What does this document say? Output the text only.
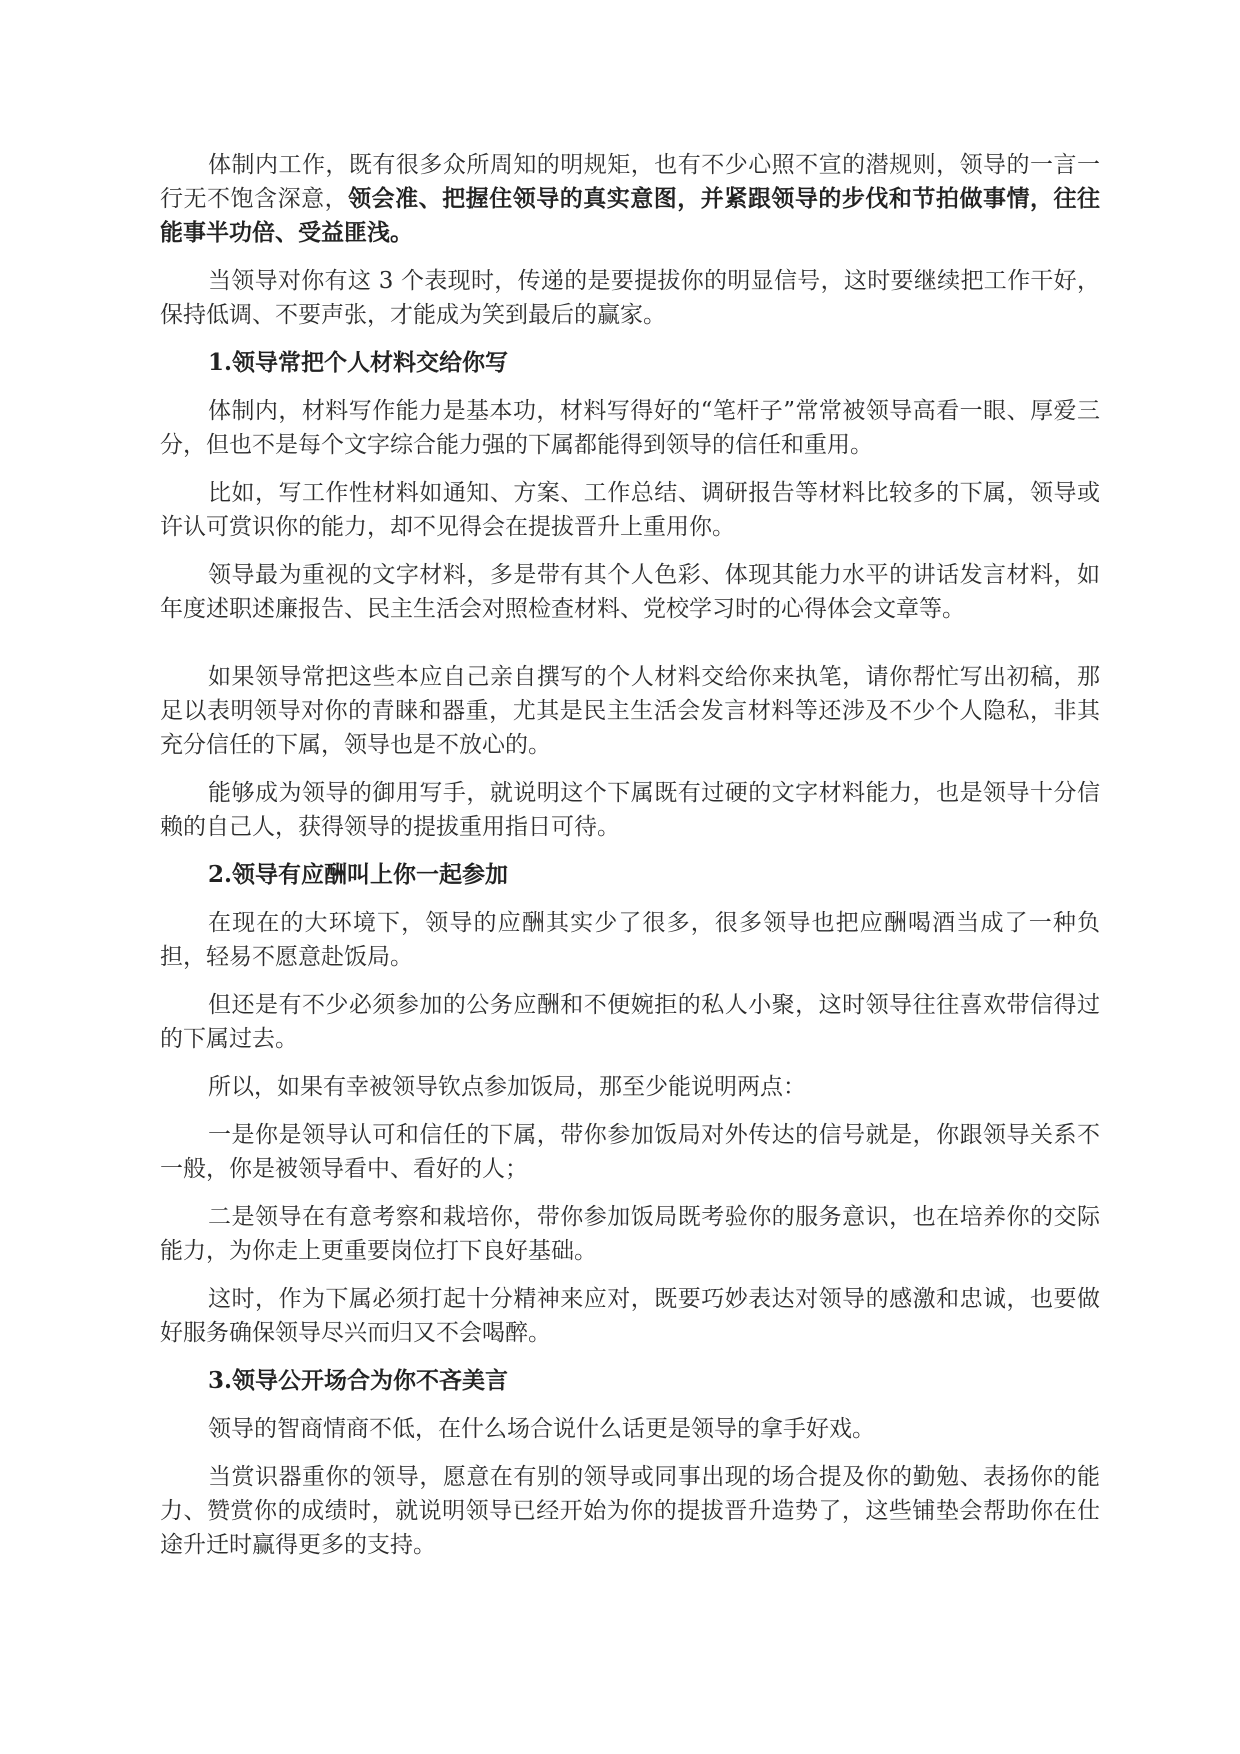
体制内工作，既有很多众所周知的明规矩，也有不少心照不宣的潜规则，领导的一言一行无不饱含深意，领会准、把握住领导的真实意图，并紧跟领导的步伐和节拍做事情，往往能事半功倍、受益匪浅。

当领导对你有这 3 个表现时，传递的是要提拔你的明显信号，这时要继续把工作干好，保持低调、不要声张，才能成为笑到最后的赢家。

1.领导常把个人材料交给你写

体制内，材料写作能力是基本功，材料写得好的“笔杆子”常常被领导高看一眼、厚爱三分，但也不是每个文字综合能力强的下属都能得到领导的信任和重用。

比如，写工作性材料如通知、方案、工作总结、调研报告等材料比较多的下属，领导或许认可赏识你的能力，却不见得会在提拔晋升上重用你。

领导最为重视的文字材料，多是带有其个人色彩、体现其能力水平的讲话发言材料，如年度述职述廉报告、民主生活会对照检查材料、党校学习时的心得体会文章等。

如果领导常把这些本应自己亲自撰写的个人材料交给你来执笔，请你帮忙写出初稿，那足以表明领导对你的青睐和器重，尤其是民主生活会发言材料等还涉及不少个人隐私，非其充分信任的下属，领导也是不放心的。

能够成为领导的御用写手，就说明这个下属既有过硬的文字材料能力，也是领导十分信赖的自己人，获得领导的提拔重用指日可待。

2.领导有应酬叫上你一起参加

在现在的大环境下，领导的应酬其实少了很多，很多领导也把应酬喝酒当成了一种负担，轻易不愿意赴饭局。

但还是有不少必须参加的公务应酬和不便婉拒的私人小聚，这时领导往往喜欢带信得过的下属过去。

所以，如果有幸被领导钦点参加饭局，那至少能说明两点：

一是你是领导认可和信任的下属，带你参加饭局对外传达的信号就是，你跟领导关系不一般，你是被领导看中、看好的人；

二是领导在有意考察和栽培你，带你参加饭局既考验你的服务意识，也在培养你的交际能力，为你走上更重要岗位打下良好基础。

这时，作为下属必须打起十分精神来应对，既要巧妙表达对领导的感激和忠诚，也要做好服务确保领导尽兴而归又不会喝醉。

3.领导公开场合为你不吝美言

领导的智商情商不低，在什么场合说什么话更是领导的拿手好戏。

当赏识器重你的领导，愿意在有别的领导或同事出现的场合提及你的勤勉、表扬你的能力、赞赏你的成绩时，就说明领导已经开始为你的提拔晋升造势了，这些铺垫会帮助你在仕途升迁时赢得更多的支持。
